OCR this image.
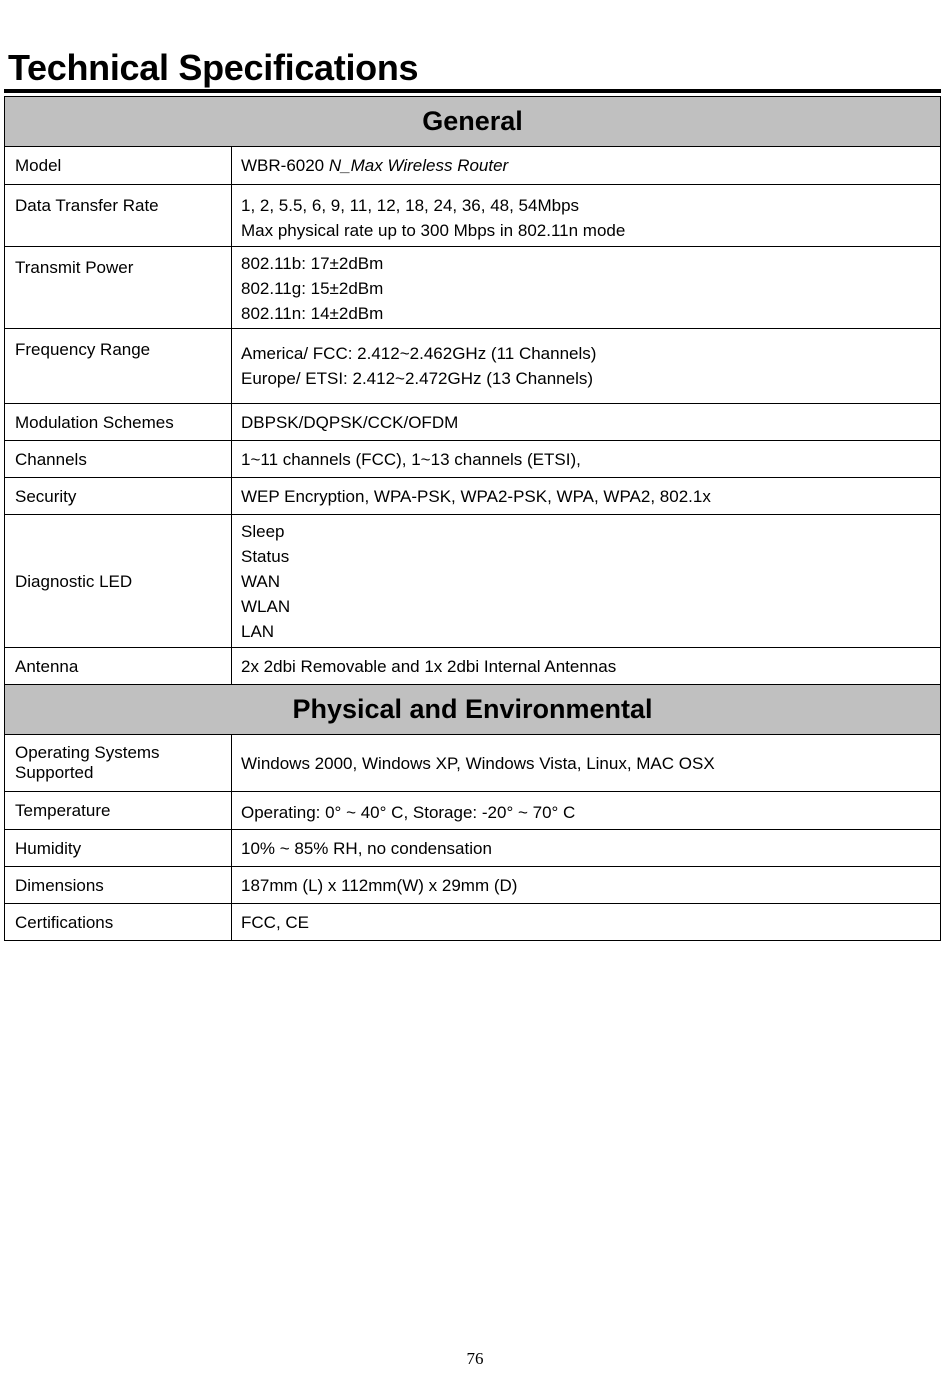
Technical Specifications
General	
Model	WBR-6020 N_Max Wireless Router
Data Transfer Rate	1, 2, 5.5, 6, 9, 11, 12, 18, 24, 36, 48, 54Mbps
Max physical rate up to 300 Mbps in 802.11n mode

Transmit Power	802.11b: 17±2dBm
802.11g: 15±2dBm
802.11n: 14±2dBm

Frequency Range	America/ FCC: 2.412~2.462GHz (11 Channels)
Europe/ ETSI: 2.412~2.472GHz (13 Channels)

Modulation Schemes	DBPSK/DQPSK/CCK/OFDM
Channels	1~11 channels (FCC), 1~13 channels (ETSI),
Security	WEP Encryption, WPA-PSK, WPA2-PSK, WPA, WPA2, 802.1x
Diagnostic LED	Sleep
Status
WAN
WLAN
LAN

Antenna	2x 2dbi Removable and 1x 2dbi Internal Antennas
Physical and Environmental	

Operating Systems
Supported	Windows 2000, Windows XP, Windows Vista, Linux, MAC OSX
Temperature	Operating: 0° ~ 40° C, Storage: -20° ~ 70° C
Humidity	10% ~ 85% RH, no condensation
Dimensions	187mm (L) x 112mm(W) x 29mm (D)
Certifications	FCC, CE
76
